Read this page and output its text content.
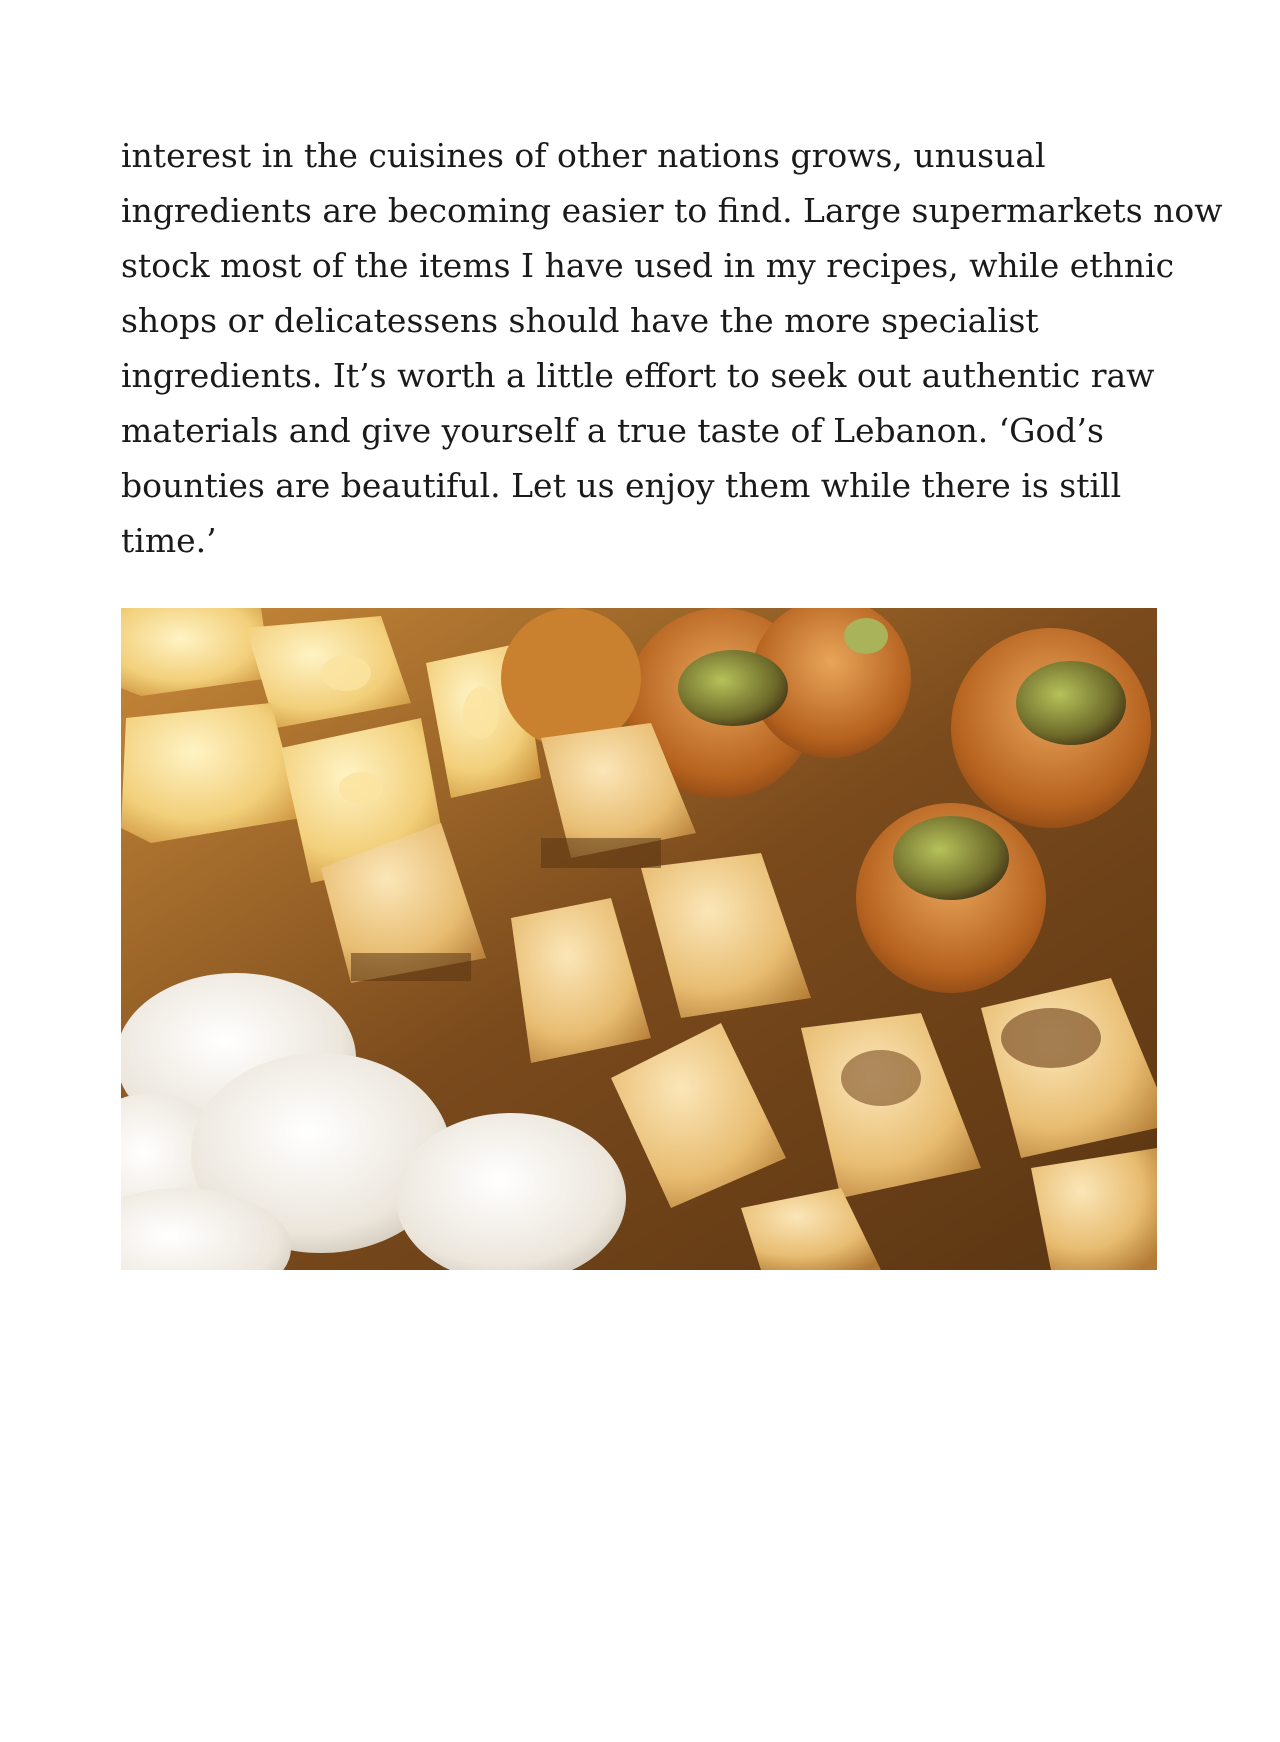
interest in the cuisines of other nations grows, unusual
ingredients are becoming easier to find. Large supermarkets now
stock most of the items I have used in my recipes, while ethnic
shops or delicatessens should have the more specialist
ingredients. It’s worth a little effort to seek out authentic raw
materials and give yourself a true taste of Lebanon. ‘God’s
bounties are beautiful. Let us enjoy them while there is still
time.’
